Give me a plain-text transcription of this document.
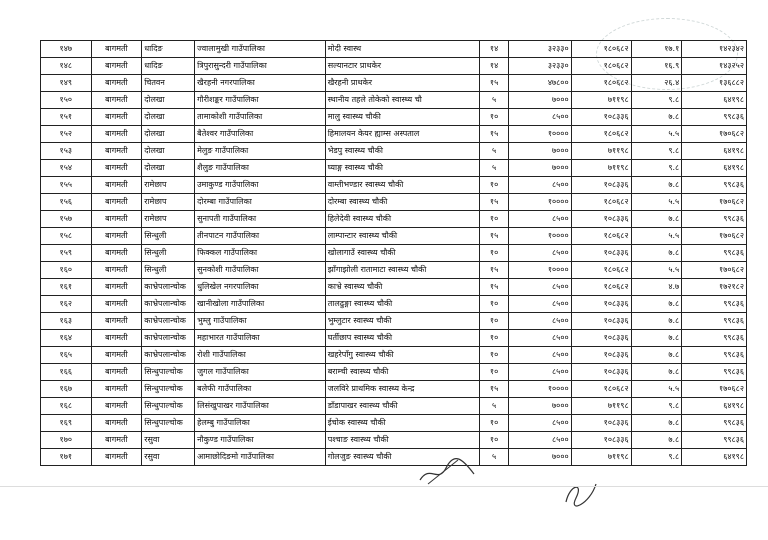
१४७	बागमती	धादिङ	ज्वालामुखी गाउँपालिका	मोदी स्वास्थ	१४	३२३३०	१८०६८२	१७.१	१४२३४२
१४८	बागमती	धादिङ	त्रिपुरासुन्दरी गाउँपालिका	सल्यानटार प्राथकेर	१४	३२३३०	१८०६८२	१६.९	१४३२५२
१४९	बागमती	चितवन	खैरहनी नगरपालिका	खैरहनी प्राथकेर	१५	४७८००	१८०६८२	२६.४	१३६८८२
१५०	बागमती	दोलखा	गौरीशङ्कर गाउँपालिका	स्थानीय तहले तोकेको स्वास्थ्य चौ	५	७०००	७११९८	९.८	६४१९८
१५१	बागमती	दोलखा	तामाकोशी गाउँपालिका	मालु स्वास्थ्य चौकी	१०	८५००	१०८३३६	७.८	९९८३६
१५२	बागमती	दोलखा	बैतेश्वर गाउँपालिका	हिमालयन केयर ह्याम्स अस्पताल	१५	१००००	१८०६८२	५.५	१७०६८२
१५३	बागमती	दोलखा	मेलुङ गाउँपालिका	भेडपु स्वास्थ्य चौकी	५	७०००	७११९८	९.८	६४१९८
१५४	बागमती	दोलखा	शैलुङ गाउँपालिका	घ्याङ्ग स्वास्थ्य चौकी	५	७०००	७११९८	९.८	६४१९८
१५५	बागमती	रामेछाप	उमाकुण्ड गाउँपालिका	वाम्तीभण्डार स्वास्थ्य चौकी	१०	८५००	१०८३३६	७.८	९९८३६
१५६	बागमती	रामेछाप	दोरम्बा गाउँपालिका	दोरम्बा स्वास्थ्य चौकी	१५	१००००	१८०६८२	५.५	१७०६८२
१५७	बागमती	रामेछाप	सुनापती गाउँपालिका	हिलेदेवी स्वास्थ्य चौकी	१०	८५००	१०८३३६	७.८	९९८३६
१५८	बागमती	सिन्धुली	तीनपाटन गाउँपालिका	लाम्पान्टार स्वास्थ्य चौकी	१५	१००००	१८०६८२	५.५	१७०६८२
१५९	बागमती	सिन्धुली	फिक्कल गाउँपालिका	खोलागाउँ स्वास्थ्य चौकी	१०	८५००	१०८३३६	७.८	९९८३६
१६०	बागमती	सिन्धुली	सुनकोशी गाउँपालिका	झाँगाझोली रातामाटा स्वास्थ्य चौकी	१५	१००००	१८०६८२	५.५	१७०६८२
१६१	बागमती	काभ्रेपलान्चोक	धुलिखेल नगरपालिका	काभ्रे स्वास्थ्य चौकी	१५	८५००	१८०६८२	४.७	१७२१८२
१६२	बागमती	काभ्रेपलान्चोक	खानीखोला गाउँपालिका	तालढुङ्गा स्वास्थ्य चौकी	१०	८५००	१०८३३६	७.८	९९८३६
१६३	बागमती	काभ्रेपलान्चोक	भुम्लु गाउँपालिका	भुम्लुटार स्वास्थ्य चौकी	१०	८५००	१०८३३६	७.८	९९८३६
१६४	बागमती	काभ्रेपलान्चोक	महाभारत गाउँपालिका	घर्तीछाप स्वास्थ्य चौकी	१०	८५००	१०८३३६	७.८	९९८३६
१६५	बागमती	काभ्रेपलान्चोक	रोशी गाउँपालिका	खहरेपाँगु स्वास्थ्य चौकी	१०	८५००	१०८३३६	७.८	९९८३६
१६६	बागमती	सिन्धुपाल्चोक	जुगल गाउँपालिका	बराम्ची स्वास्थ्य चौकी	१०	८५००	१०८३३६	७.८	९९८३६
१६७	बागमती	सिन्धुपाल्चोक	बलेफी गाउँपालिका	जलविरे प्राथमिक स्वास्थ्य केन्द्र	१५	१००००	१८०६८२	५.५	१७०६८२
१६८	बागमती	सिन्धुपाल्चोक	लिसंखुपाखर गाउँपालिका	डाँडापाखर स्वास्थ्य चौकी	५	७०००	७११९८	९.८	६४१९८
१६९	बागमती	सिन्धुपाल्चोक	हेलम्बु गाउँपालिका	ईचोक स्वास्थ्य चौकी	१०	८५००	१०८३३६	७.८	९९८३६
१७०	बागमती	रसुवा	नौकुण्ड गाउँपालिका	पश्चाङ स्वास्थ्य चौकी	१०	८५००	१०८३३६	७.८	९९८३६
१७१	बागमती	रसुवा	आमाछोदिङमो गाउँपालिका	गोलजुङ स्वास्थ्य चौकी	५	७०००	७११९८	९.८	६४१९८
